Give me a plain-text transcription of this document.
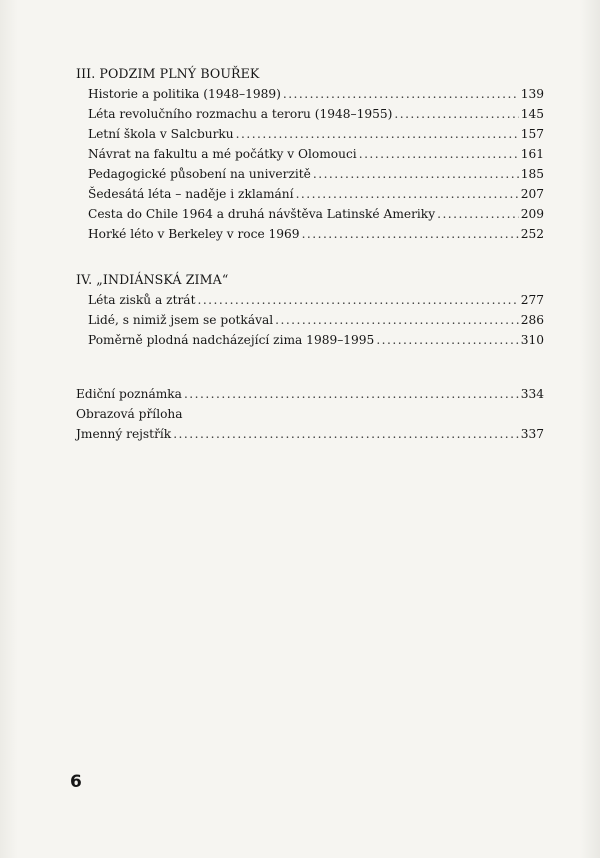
III. PODZIM PLNÝ BOUŘEK
Historie a politika (1948–1989) . . .	139
Léta revolučního rozmachu a teroru (1948–1955) . . .	145
Letní škola v Salcburku . . .	157
Návrat na fakultu a mé počátky v Olomouci . . .	161
Pedagogické působení na univerzitě . . .	185
Šedesátá léta – naděje i zklamání . . .	207
Cesta do Chile 1964 a druhá návštěva Latinské Ameriky . . .	209
Horké léto v Berkeley v roce 1969 . . .	252
IV. „INDIÁNSKÁ ZIMA“
Léta zisků a ztrát . . .	277
Lidé, s nimiž jsem se potkával . . .	286
Poměrně plodná nadcházející zima 1989–1995 . . .	310
Ediční poznámka . . .	334
Obrazová příloha
Jmenný rejstřík . . .	337
6
